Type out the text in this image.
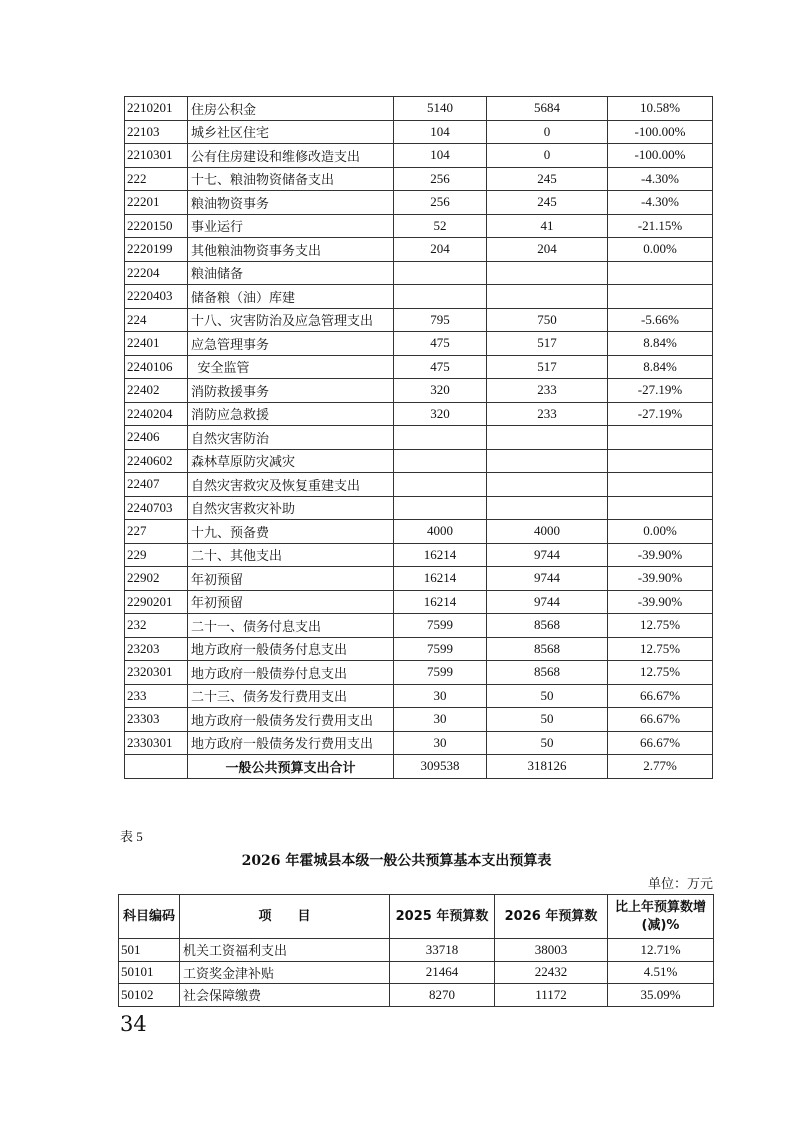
2210201	住房公积金	5140	5684	10.58%
22103	城乡社区住宅	104	0	-100.00%
2210301	公有住房建设和维修改造支出	104	0	-100.00%
222	十七、粮油物资储备支出	256	245	-4.30%
22201	粮油物资事务	256	245	-4.30%
2220150	事业运行	52	41	-21.15%
2220199	其他粮油物资事务支出	204	204	0.00%
22204	粮油储备			
2220403	储备粮（油）库建			
224	十八、灾害防治及应急管理支出	795	750	-5.66%
22401	应急管理事务	475	517	8.84%
2240106	安全监管	475	517	8.84%
22402	消防救援事务	320	233	-27.19%
2240204	消防应急救援	320	233	-27.19%
22406	自然灾害防治			
2240602	森林草原防灾减灾			
22407	自然灾害救灾及恢复重建支出			
2240703	自然灾害救灾补助			
227	十九、预备费	4000	4000	0.00%
229	二十、其他支出	16214	9744	-39.90%
22902	年初预留	16214	9744	-39.90%
2290201	年初预留	16214	9744	-39.90%
232	二十一、债务付息支出	7599	8568	12.75%
23203	地方政府一般债务付息支出	7599	8568	12.75%
2320301	地方政府一般债券付息支出	7599	8568	12.75%
233	二十三、债务发行费用支出	30	50	66.67%
23303	地方政府一般债务发行费用支出	30	50	66.67%
2330301	地方政府一般债务发行费用支出	30	50	66.67%
	一般公共预算支出合计	309538	318126	2.77%
表 5
2026 年霍城县本级一般公共预算基本支出预算表
单位：万元
科目编码	项　　目	2025 年预算数	2026 年预算数	比上年预算数增(减)%
501	机关工资福利支出	33718	38003	12.71%
50101	工资奖金津补贴	21464	22432	4.51%
50102	社会保障缴费	8270	11172	35.09%
34
